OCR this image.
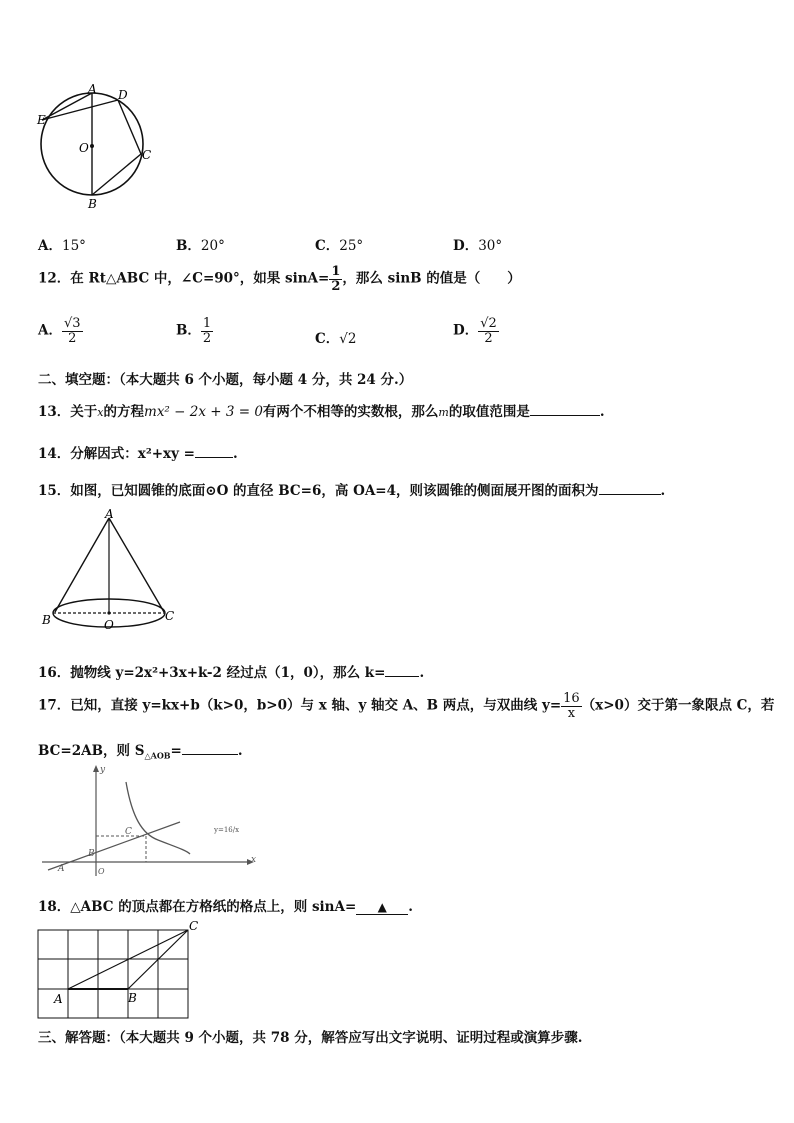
A D
E
O	C
B
A．15°	B．20°	C．25°	D．30°
12．在 Rt△ABC 中，∠C=90°，如果 $\sin A= \frac{1}{2}$ ，那么 sinB 的值是（　　）
A． $\frac{√3}{2}$	B． $\frac{1}{2}$	C．√2
D． $\frac{√2}{2}$
二、填空题：（本大题共 6 个小题，每小题 4 分，共 24 分.）
13．关于x的方程mx² − 2x + 3 = 0有两个不相等的实数根，那么m的取值范围是	.
14．分解因式：x²+xy =	.
15．如图，已知圆锥的底面⊙O 的直径 BC=6，高 OA=4，则该圆锥的侧面展开图的面积为	.
A
B	C
O
16．抛物线 y=2x²+3x+k-2 经过点（1，0），那么 k=	.
17．已知，直接 y=kx+b（k>0，b>0）与 x 轴、y 轴交 A、B 两点，与双曲线 $y= \frac{16}{x} (x>0)$交于第一象限点 C，若
BC=2AB，则 $S_{\triangle AOB}=$	.
y
x
O
A
B
C	y=16/x
18．△ABC 的顶点都在方格纸的格点上，则 sinA= ▲ .
A	B
C
三、解答题：（本大题共 9 个小题，共 78 分，解答应写出文字说明、证明过程或演算步骤.
